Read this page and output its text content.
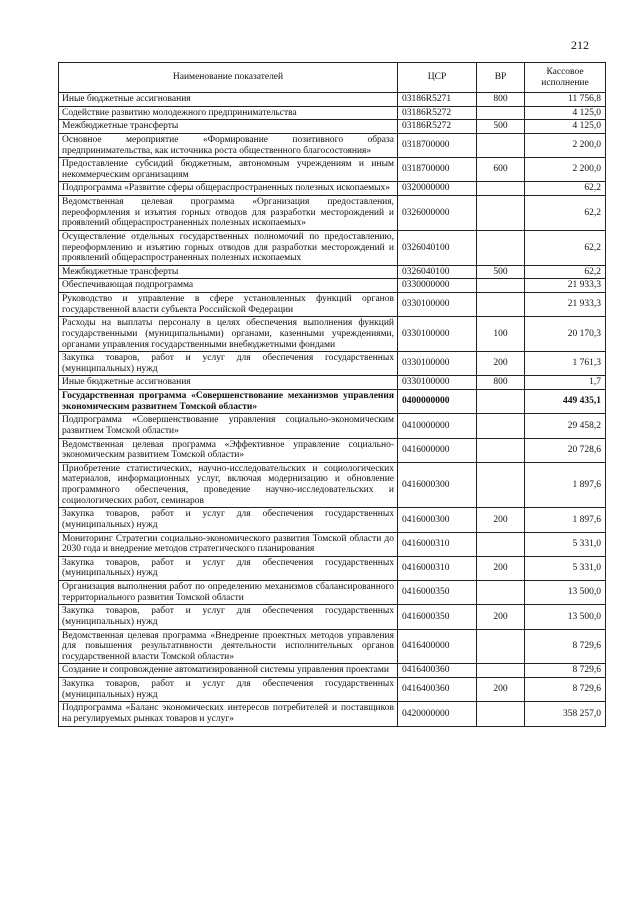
212
Наименование показателей	ЦСР	ВР	Кассовое исполнение
Иные бюджетные ассигнования	03186R5271	800	11 756,8
Содействие развитию молодежного предпринимательства	03186R5272		4 125,0
Межбюджетные трансферты	03186R5272	500	4 125,0
Основное мероприятие «Формирование позитивного образа предпринимательства, как источника роста общественного благосостояния»	0318700000		2 200,0
Предоставление субсидий бюджетным, автономным учреждениям и иным некоммерческим организациям	0318700000	600	2 200,0
Подпрограмма «Развитие сферы общераспространенных полезных ископаемых»	0320000000		62,2
Ведомственная целевая программа «Организация предоставления, переоформления и изъятия горных отводов для разработки месторождений и проявлений общераспространенных полезных ископаемых»	0326000000		62,2
Осуществление отдельных государственных полномочий по предоставлению, переоформлению и изъятию горных отводов для разработки месторождений и проявлений общераспространенных полезных ископаемых	0326040100		62,2
Межбюджетные трансферты	0326040100	500	62,2
Обеспечивающая подпрограмма	0330000000		21 933,3
Руководство и управление в сфере установленных функций органов государственной власти субъекта Российской Федерации	0330100000		21 933,3
Расходы на выплаты персоналу в целях обеспечения выполнения функций государственными (муниципальными) органами, казенными учреждениями, органами управления государственными внебюджетными фондами	0330100000	100	20 170,3
Закупка товаров, работ и услуг для обеспечения государственных (муниципальных) нужд	0330100000	200	1 761,3
Иные бюджетные ассигнования	0330100000	800	1,7
Государственная программа «Совершенствование механизмов управления экономическим развитием Томской области»	0400000000		449 435,1
Подпрограмма «Совершенствование управления социально-экономическим развитием Томской области»	0410000000		29 458,2
Ведомственная целевая программа «Эффективное управление социально-экономическим развитием Томской области»	0416000000		20 728,6
Приобретение статистических, научно-исследовательских и социологических материалов, информационных услуг, включая модернизацию и обновление программного обеспечения, проведение научно-исследовательских и социологических работ, семинаров	0416000300		1 897,6
Закупка товаров, работ и услуг для обеспечения государственных (муниципальных) нужд	0416000300	200	1 897,6
Мониторинг Стратегии социально-экономического развития Томской области до 2030 года и внедрение методов стратегического планирования	0416000310		5 331,0
Закупка товаров, работ и услуг для обеспечения государственных (муниципальных) нужд	0416000310	200	5 331,0
Организация выполнения работ по определению механизмов сбалансированного территориального развития Томской области	0416000350		13 500,0
Закупка товаров, работ и услуг для обеспечения государственных (муниципальных) нужд	0416000350	200	13 500,0
Ведомственная целевая программа «Внедрение проектных методов управления для повышения результативности деятельности исполнительных органов государственной власти Томской области»	0416400000		8 729,6
Создание и сопровождение автоматизированной системы управления проектами	0416400360		8 729,6
Закупка товаров, работ и услуг для обеспечения государственных (муниципальных) нужд	0416400360	200	8 729,6
Подпрограмма «Баланс экономических интересов потребителей и поставщиков на регулируемых рынках товаров и услуг»	0420000000		358 257,0
